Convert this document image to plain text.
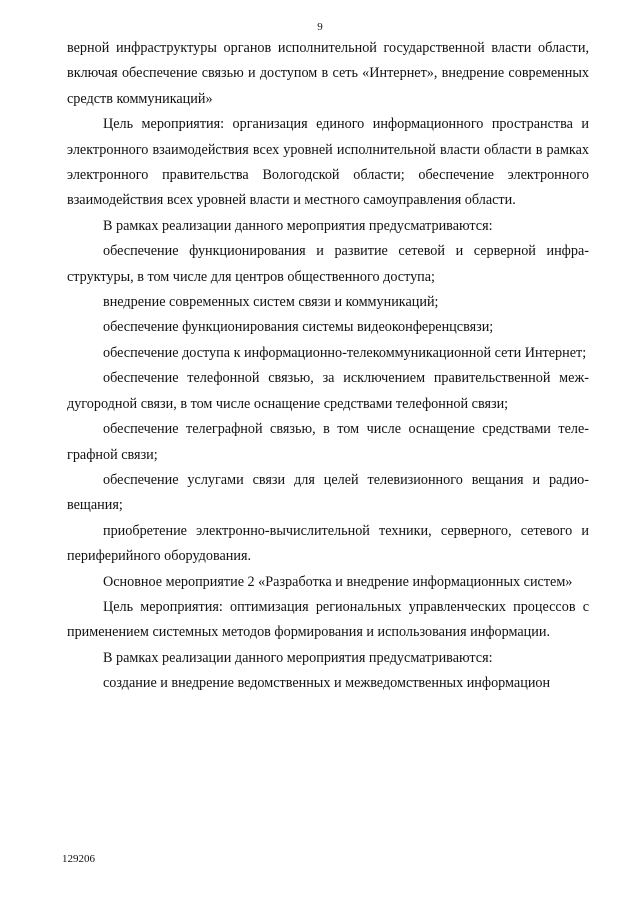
9

верной инфраструктуры органов исполнительной государственной власти области, включая обеспечение связью и доступом в сеть «Интернет», внедрение современных средств коммуникаций»

Цель мероприятия: организация единого информационного пространства и электронного взаимодействия всех уровней исполнительной власти области в рамках электронного правительства Вологодской области; обеспечение электронного взаимодействия всех уровней власти и местного самоуправления области.

В рамках реализации данного мероприятия предусматриваются:

обеспечение функционирования и развитие сетевой и серверной инфраструктуры, в том числе для центров общественного доступа;

внедрение современных систем связи и коммуникаций;

обеспечение функционирования системы видеоконференцсвязи;

обеспечение доступа к информационно-телекоммуникационной сети Интернет;

обеспечение телефонной связью, за исключением правительственной междугородной связи, в том числе оснащение средствами телефонной связи;

обеспечение телеграфной связью, в том числе оснащение средствами телеграфной связи;

обеспечение услугами связи для целей телевизионного вещания и радиовещания;

приобретение электронно-вычислительной техники, серверного, сетевого и периферийного оборудования.

Основное мероприятие 2 «Разработка и внедрение информационных систем»

Цель мероприятия: оптимизация региональных управленческих процессов с применением системных методов формирования и использования информации.

В рамках реализации данного мероприятия предусматриваются:

создание и внедрение ведомственных и межведомственных информацион

129206
